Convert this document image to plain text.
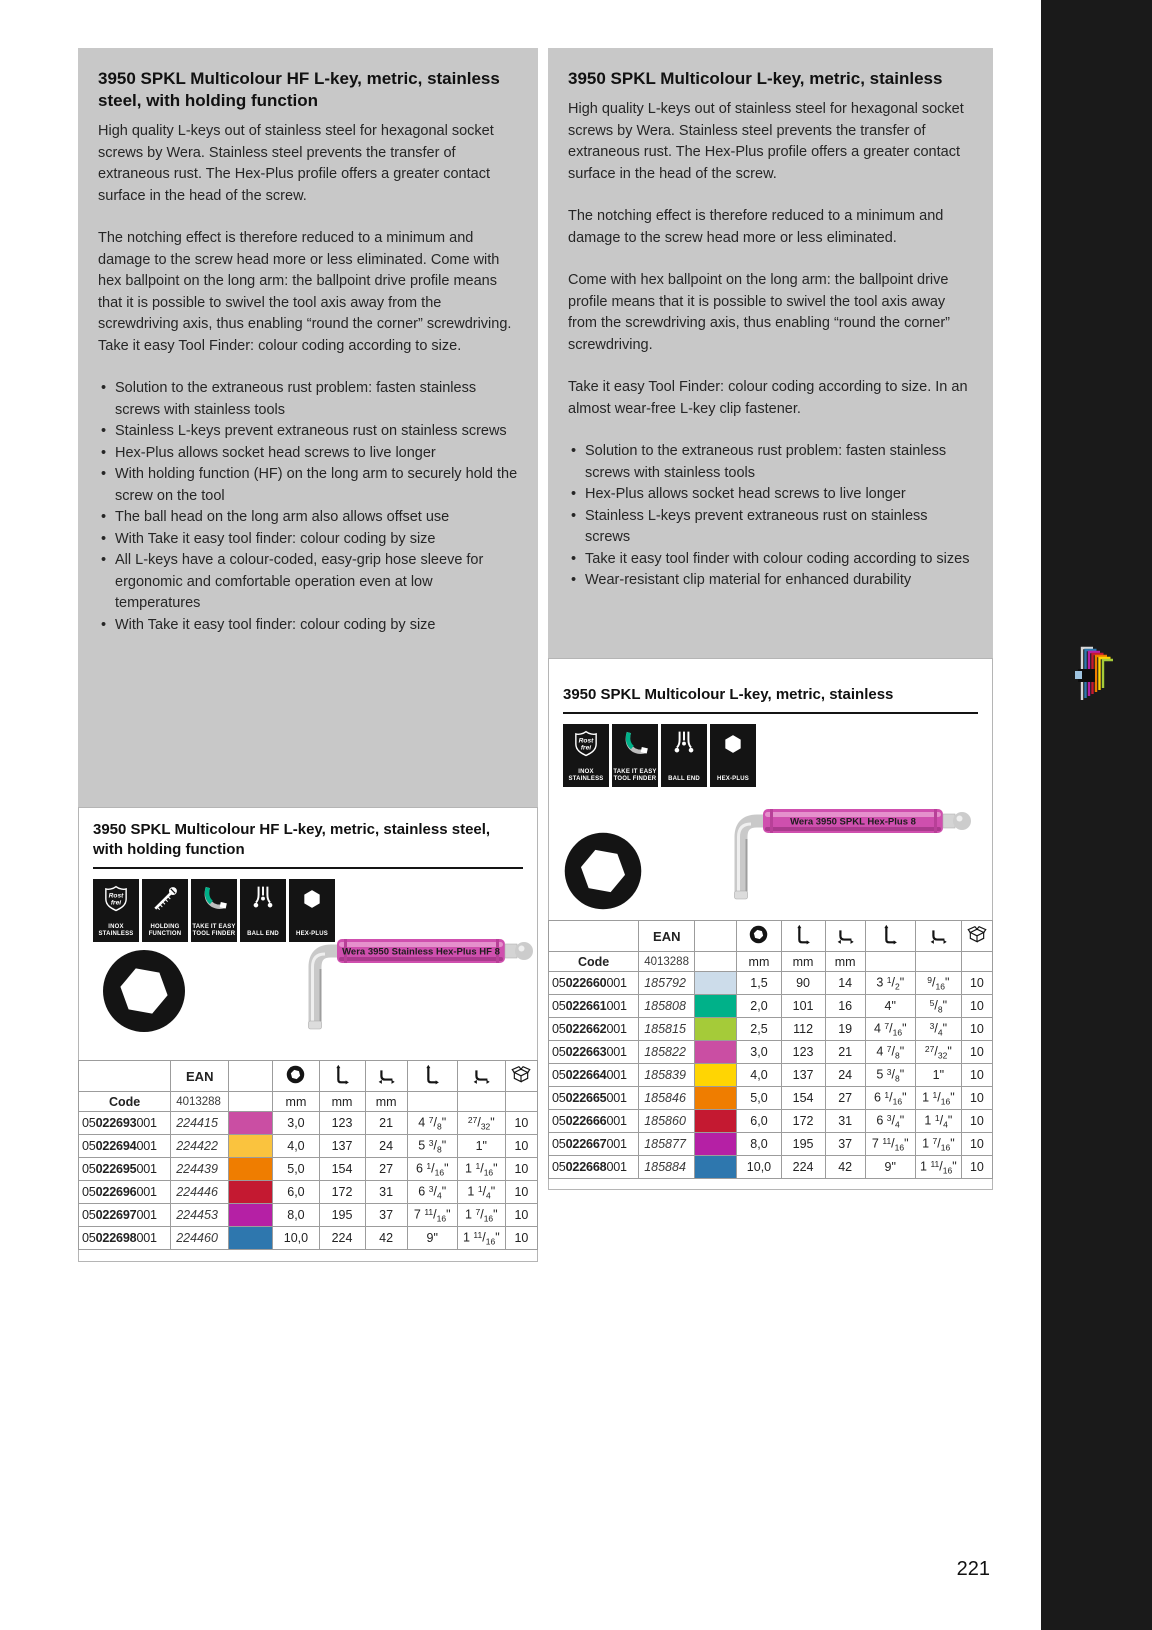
3950 SPKL Multicolour HF L-key, metric, stainless steel, with holding function

High quality L-keys out of stainless steel for hexagonal socket screws by Wera. Stainless steel prevents the transfer of extraneous rust. The Hex-Plus profile offers a greater contact surface in the head of the screw.

The notching effect is therefore reduced to a minimum and damage to the screw head more or less eliminated. Come with hex ballpoint on the long arm: the ballpoint drive profile means that it is possible to swivel the tool axis away from the screwdriving axis, thus enabling “round the corner” screwdriving. Take it easy Tool Finder: colour coding according to size.

• Solution to the extraneous rust problem: fasten stainless screws with stainless tools
• Stainless L-keys prevent extraneous rust on stainless screws
• Hex-Plus allows socket head screws to live longer
• With holding function (HF) on the long arm to securely hold the screw on the tool
• The ball head on the long arm also allows offset use
• With Take it easy tool finder: colour coding by size
• All L-keys have a colour-coded, easy-grip hose sleeve for ergonomic and comfortable operation even at low temperatures
• With Take it easy tool finder: colour coding by size
3950 SPKL Multicolour L-key, metric, stainless

High quality L-keys out of stainless steel for hexagonal socket screws by Wera. Stainless steel prevents the transfer of extraneous rust. The Hex-Plus profile offers a greater contact surface in the head of the screw.

The notching effect is therefore reduced to a minimum and damage to the screw head more or less eliminated.

Come with hex ballpoint on the long arm: the ballpoint drive profile means that it is possible to swivel the tool axis away from the screwdriving axis, thus enabling “round the corner” screwdriving.

Take it easy Tool Finder: colour coding according to size. In an almost wear-free L-key clip fastener.

• Solution to the extraneous rust problem: fasten stainless screws with stainless tools
• Hex-Plus allows socket head screws to live longer
• Stainless L-keys prevent extraneous rust on stainless screws
• Take it easy tool finder with colour coding according to sizes
• Wear-resistant clip material for enhanced durability
3950 SPKL Multicolour HF L-key, metric, stainless steel, with holding function
Rost
frei
INOX STAINLESS
HOLDING FUNCTION
TAKE IT EASY TOOL FINDER	BALL END	HEX-PLUS
Wera 3950 Stainless Hex-Plus HF 8
	EAN							
Code	4013288		mm	mm	mm			
05022693001	224415		3,0	123	21	4 $^7/_8$"	$^{27}/_{32}$"	10
05022694001	224422		4,0	137	24	5 $^3/_8$"	1"	10
05022695001	224439		5,0	154	27	6 $^1/_{16}$"	1 $^1/_{16}$"	10
05022696001	224446		6,0	172	31	6 $^3/_4$"	1 $^1/_4$"	10
05022697001	224453		8,0	195	37	7 $^{11}/_{16}$"	1 $^7/_{16}$"	10
05022698001	224460		10,0	224	42	9"	1 $^{11}/_{16}$"	10
3950 SPKL Multicolour L-key, metric, stainless
Rost
frei
INOX STAINLESS
TAKE IT EASY TOOL FINDER	BALL END	HEX-PLUS
Wera 3950 SPKL Hex-Plus 8
	EAN							
Code	4013288		mm	mm	mm			
05022660001	185792		1,5	90	14	3 $^1/_2$"	$^9/_{16}$"	10
05022661001	185808		2,0	101	16	4"	$^5/_8$"	10
05022662001	185815		2,5	112	19	4 $^7/_{16}$"	$^3/_4$"	10
05022663001	185822		3,0	123	21	4 $^7/_8$"	$^{27}/_{32}$"	10
05022664001	185839		4,0	137	24	5 $^3/_8$"	1"	10
05022665001	185846		5,0	154	27	6 $^1/_{16}$"	1 $^1/_{16}$"	10
05022666001	185860		6,0	172	31	6 $^3/_4$"	1 $^1/_4$"	10
05022667001	185877		8,0	195	37	7 $^{11}/_{16}$"	1 $^7/_{16}$"	10
05022668001	185884		10,0	224	42	9"	1 $^{11}/_{16}$"	10
221
